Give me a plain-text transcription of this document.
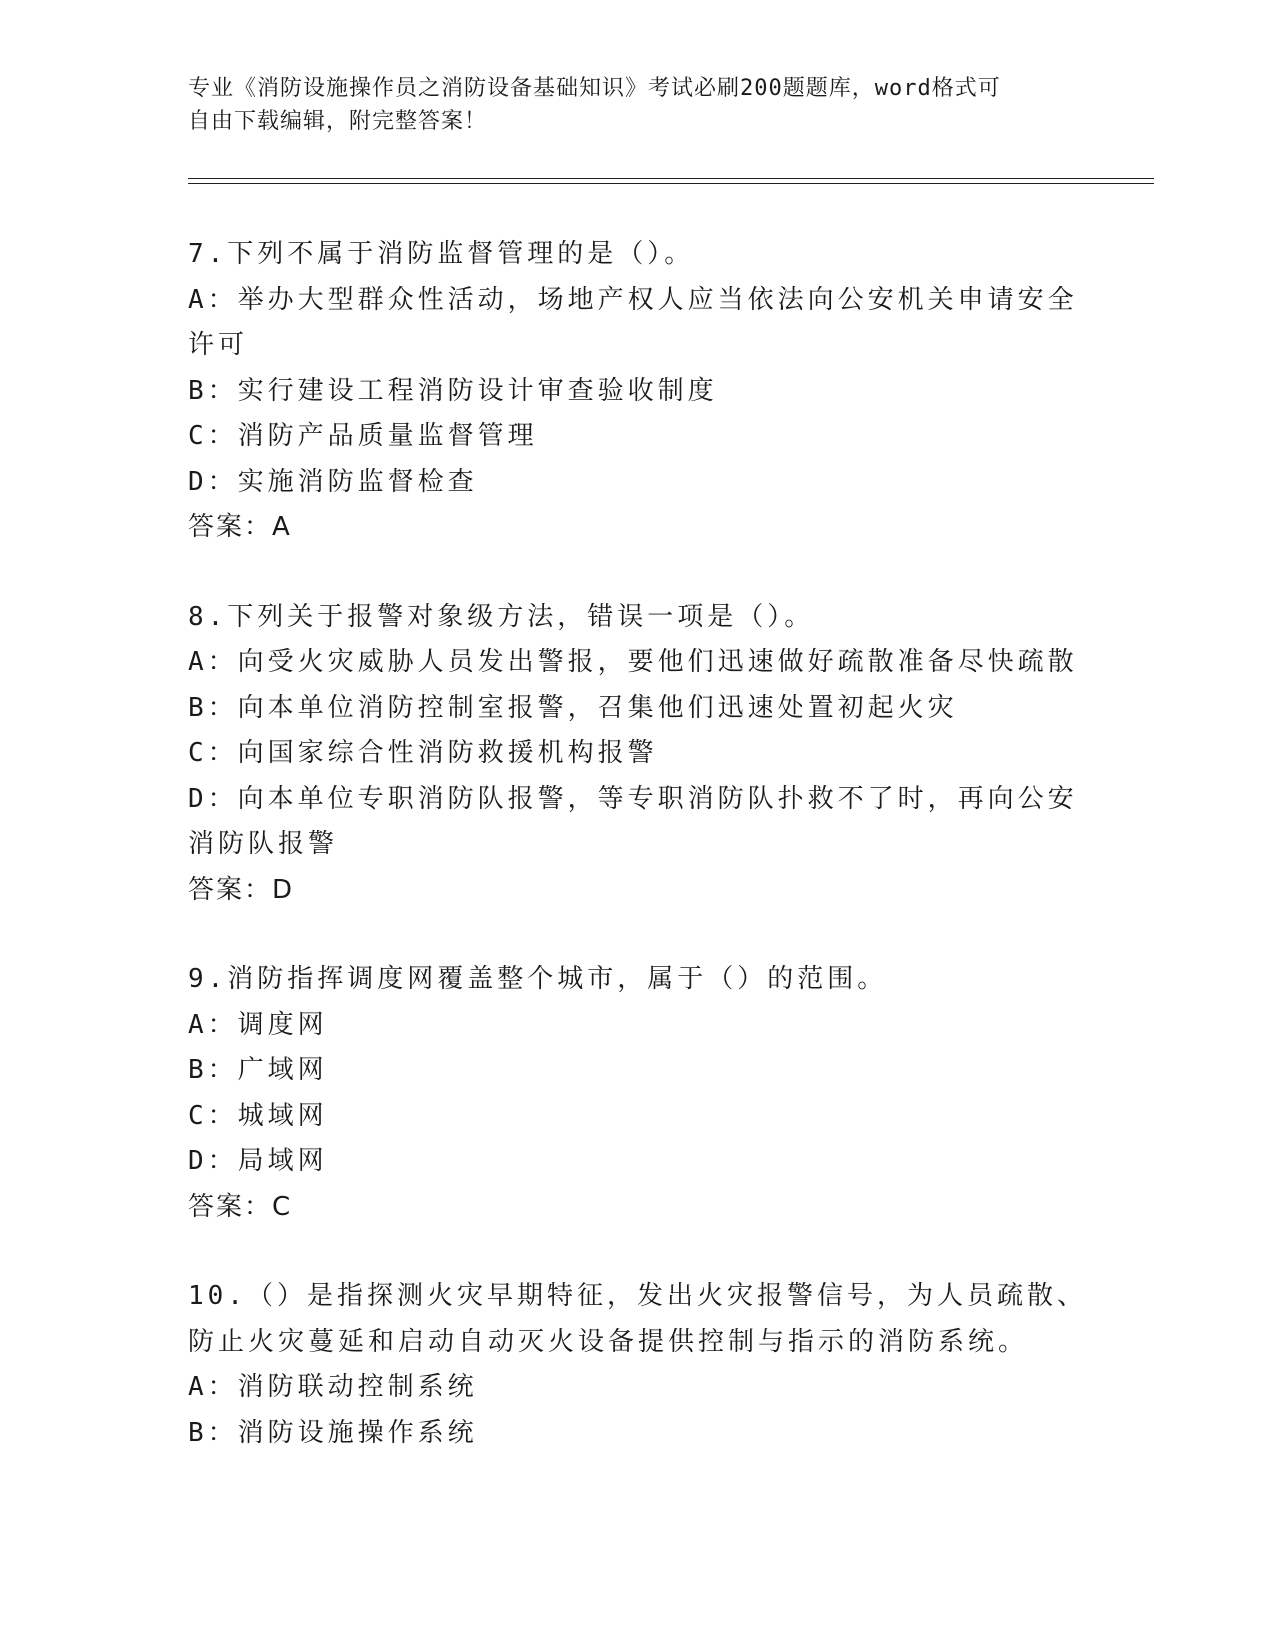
专业《消防设施操作员之消防设备基础知识》考试必刷200题题库，word格式可
自由下载编辑，附完整答案！
7.下列不属于消防监督管理的是（）。
A：举办大型群众性活动，场地产权人应当依法向公安机关申请安全许可
B：实行建设工程消防设计审查验收制度
C：消防产品质量监督管理
D：实施消防监督检查
答案：A
8.下列关于报警对象级方法，错误一项是（）。
A：向受火灾威胁人员发出警报，要他们迅速做好疏散准备尽快疏散
B：向本单位消防控制室报警，召集他们迅速处置初起火灾
C：向国家综合性消防救援机构报警
D：向本单位专职消防队报警，等专职消防队扑救不了时，再向公安消防队报警
答案：D
9.消防指挥调度网覆盖整个城市，属于（）的范围。
A：调度网
B：广域网
C：城域网
D：局域网
答案：C
10.（）是指探测火灾早期特征，发出火灾报警信号，为人员疏散、防止火灾蔓延和启动自动灭火设备提供控制与指示的消防系统。
A：消防联动控制系统
B：消防设施操作系统
